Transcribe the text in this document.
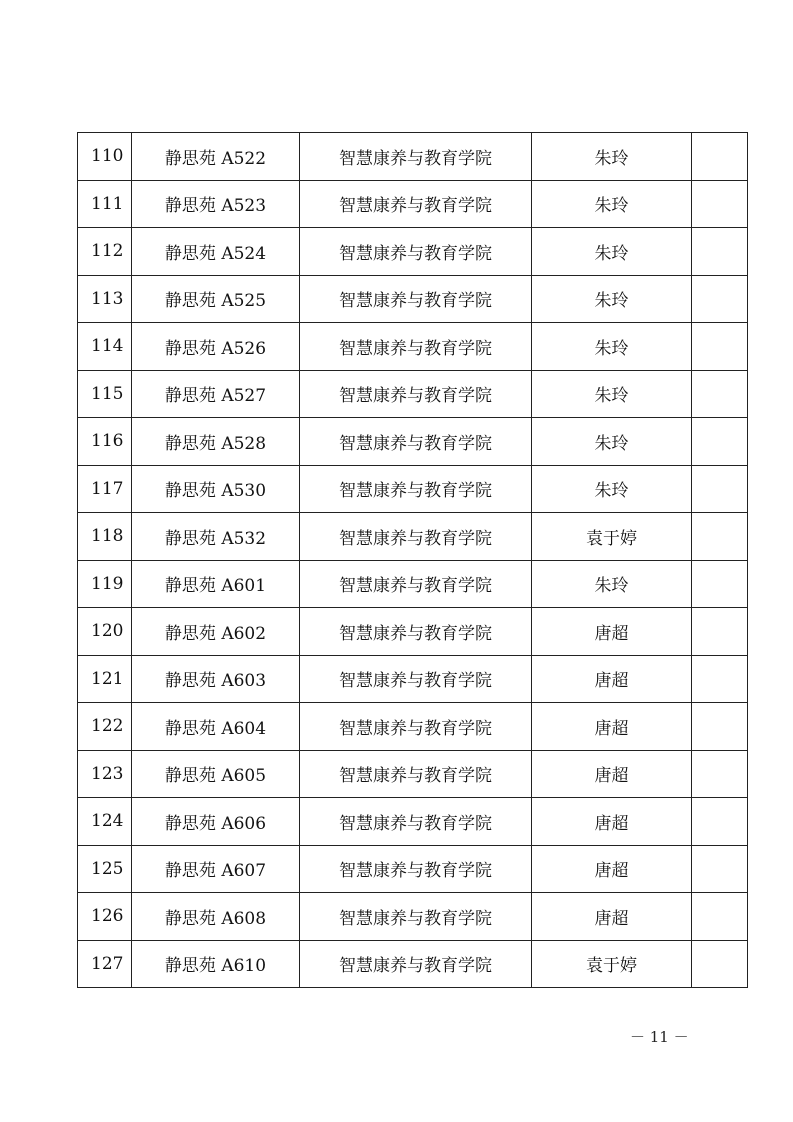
110	静思苑 A522	智慧康养与教育学院	朱玲	
111	静思苑 A523	智慧康养与教育学院	朱玲	
112	静思苑 A524	智慧康养与教育学院	朱玲	
113	静思苑 A525	智慧康养与教育学院	朱玲	
114	静思苑 A526	智慧康养与教育学院	朱玲	
115	静思苑 A527	智慧康养与教育学院	朱玲	
116	静思苑 A528	智慧康养与教育学院	朱玲	
117	静思苑 A530	智慧康养与教育学院	朱玲	
118	静思苑 A532	智慧康养与教育学院	袁于婷	
119	静思苑 A601	智慧康养与教育学院	朱玲	
120	静思苑 A602	智慧康养与教育学院	唐超	
121	静思苑 A603	智慧康养与教育学院	唐超	
122	静思苑 A604	智慧康养与教育学院	唐超	
123	静思苑 A605	智慧康养与教育学院	唐超	
124	静思苑 A606	智慧康养与教育学院	唐超	
125	静思苑 A607	智慧康养与教育学院	唐超	
126	静思苑 A608	智慧康养与教育学院	唐超	
127	静思苑 A610	智慧康养与教育学院	袁于婷	
－ 11 －
